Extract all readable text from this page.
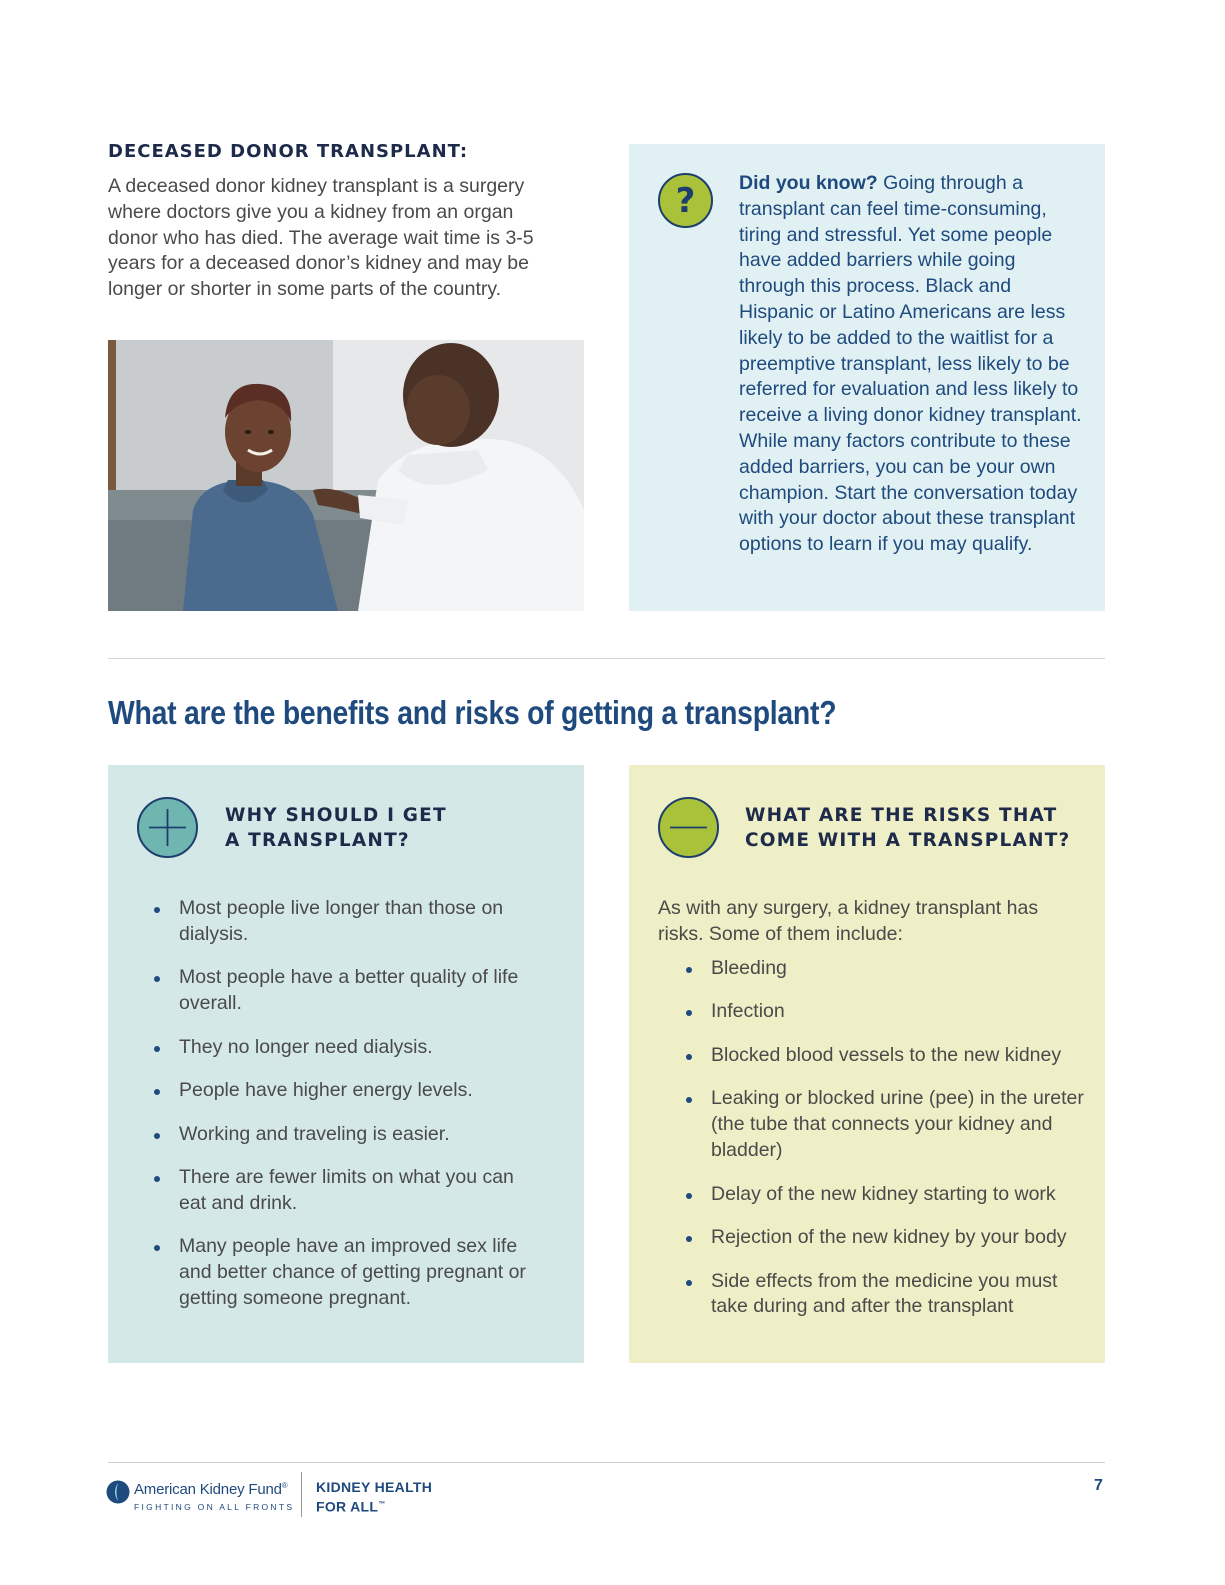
DECEASED DONOR TRANSPLANT:
A deceased donor kidney transplant is a surgery where doctors give you a kidney from an organ donor who has died. The average wait time is 3-5 years for a deceased donor’s kidney and may be longer or shorter in some parts of the country.
?	Did you know? Going through a transplant can feel time-consuming, tiring and stressful. Yet some people have added barriers while going through this process. Black and Hispanic or Latino Americans are less likely to be added to the waitlist for a preemptive transplant, less likely to be referred for evaluation and less likely to receive a living donor kidney transplant. While many factors contribute to these added barriers, you can be your own champion. Start the conversation today with your doctor about these transplant options to learn if you may qualify.
What are the benefits and risks of getting a transplant?
WHY SHOULD I GET
A TRANSPLANT?
Most people live longer than those on dialysis.
Most people have a better quality of life overall.
They no longer need dialysis.
People have higher energy levels.
Working and traveling is easier.
There are fewer limits on what you can eat and drink.
Many people have an improved sex life and better chance of getting pregnant or getting someone pregnant.
WHAT ARE THE RISKS THAT
COME WITH A TRANSPLANT?
As with any surgery, a kidney transplant has risks. Some of them include:
Bleeding
Infection
Blocked blood vessels to the new kidney
Leaking or blocked urine (pee) in the ureter (the tube that connects your kidney and bladder)
Delay of the new kidney starting to work
Rejection of the new kidney by your body
Side effects from the medicine you must take during and after the transplant
American Kidney Fund®
FIGHTING ON ALL FRONTS
KIDNEY HEALTH
FOR ALL™
7
